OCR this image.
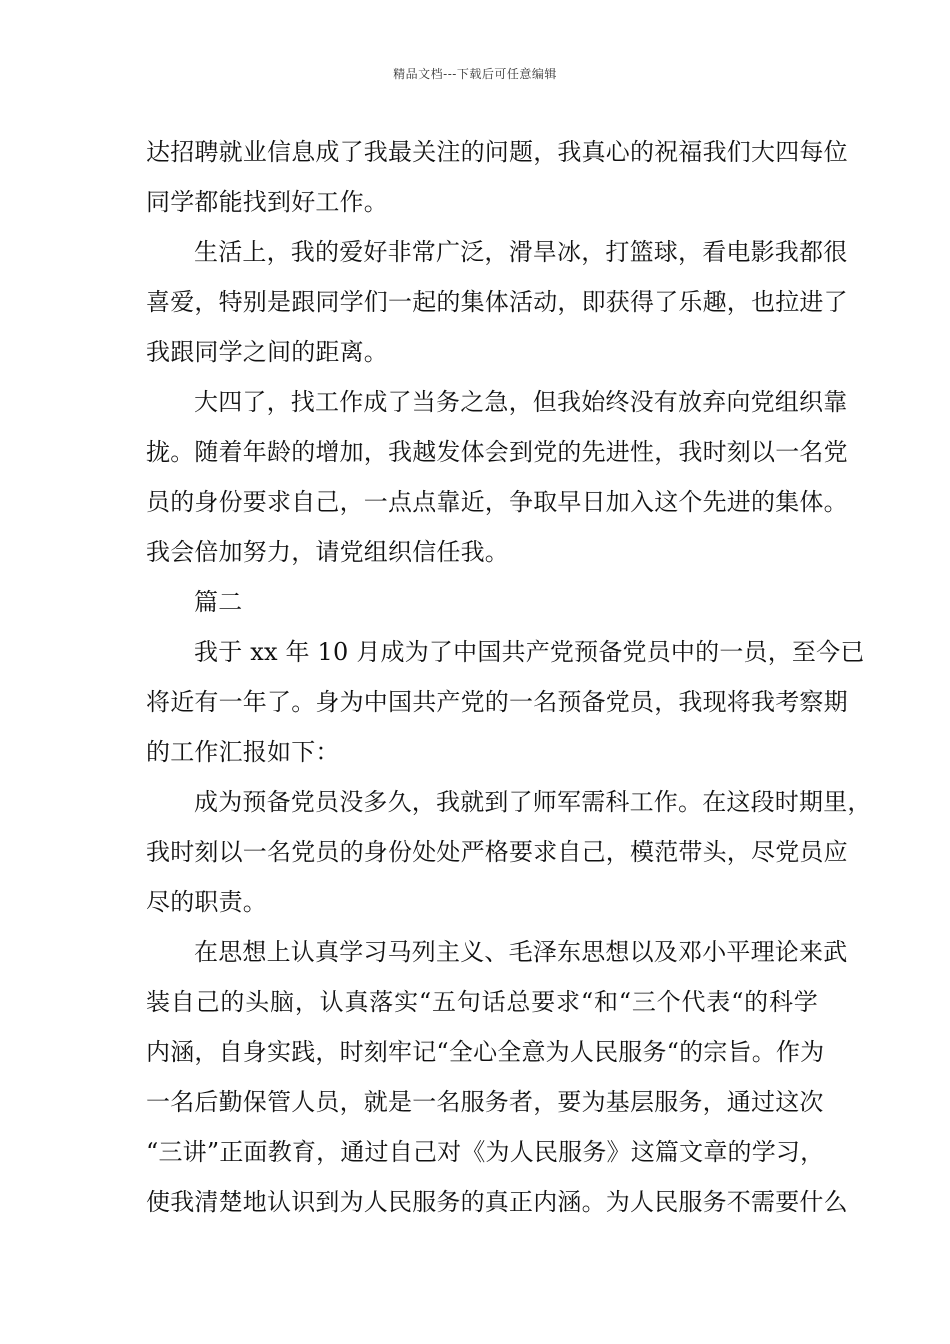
精品文档---下载后可任意编辑
达招聘就业信息成了我最关注的问题，我真心的祝福我们大四每位
同学都能找到好工作。
生活上，我的爱好非常广泛，滑旱冰，打篮球，看电影我都很
喜爱，特别是跟同学们一起的集体活动，即获得了乐趣，也拉进了
我跟同学之间的距离。
大四了，找工作成了当务之急，但我始终没有放弃向党组织靠
拢。随着年龄的增加，我越发体会到党的先进性，我时刻以一名党
员的身份要求自己，一点点靠近，争取早日加入这个先进的集体。
我会倍加努力，请党组织信任我。
篇二
我于 xx 年 10 月成为了中国共产党预备党员中的一员，至今已
将近有一年了。身为中国共产党的一名预备党员，我现将我考察期
的工作汇报如下：
成为预备党员没多久，我就到了师军需科工作。在这段时期里，
我时刻以一名党员的身份处处严格要求自己，模范带头，尽党员应
尽的职责。
在思想上认真学习马列主义、毛泽东思想以及邓小平理论来武
装自己的头脑，认真落实“五句话总要求“和“三个代表“的科学
内涵，自身实践，时刻牢记“全心全意为人民服务“的宗旨。作为
一名后勤保管人员，就是一名服务者，要为基层服务，通过这次
“三讲”正面教育，通过自己对《为人民服务》这篇文章的学习，
使我清楚地认识到为人民服务的真正内涵。为人民服务不需要什么
